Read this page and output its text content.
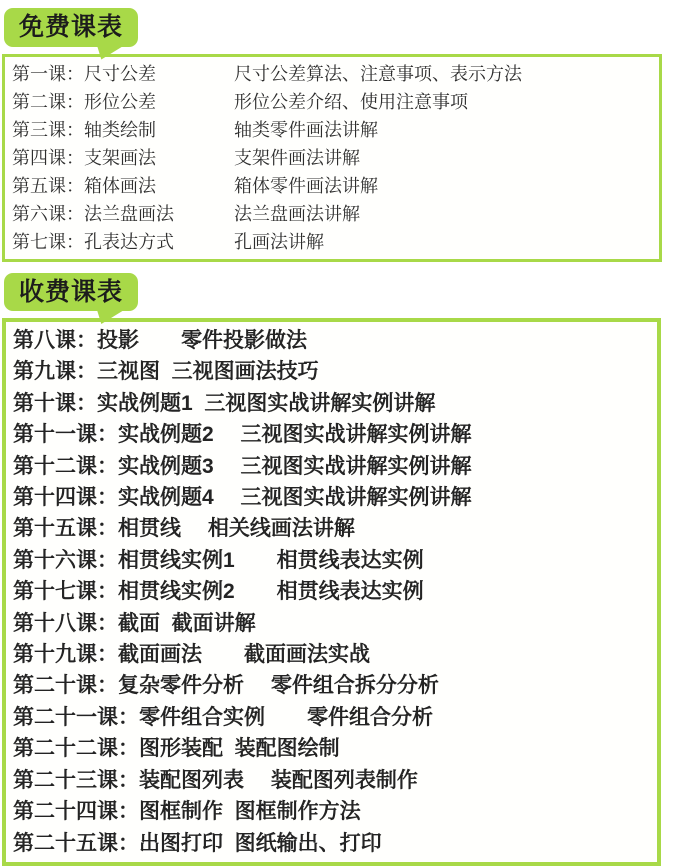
免费课表
第一课：尺寸公差	尺寸公差算法、注意事项、表示方法
第二课：形位公差	形位公差介绍、使用注意事项
第三课：轴类绘制	轴类零件画法讲解
第四课：支架画法	支架件画法讲解
第五课：箱体画法	箱体零件画法讲解
第六课：法兰盘画法	法兰盘画法讲解
第七课：孔表达方式	孔画法讲解
收费课表
第八课：投影　　零件投影做法
第九课：三视图  三视图画法技巧
第十课：实战例题1  三视图实战讲解实例讲解
第十一课：实战例题2　 三视图实战讲解实例讲解
第十二课：实战例题3　 三视图实战讲解实例讲解
第十四课：实战例题4　 三视图实战讲解实例讲解
第十五课：相贯线　 相关线画法讲解
第十六课：相贯线实例1　　相贯线表达实例
第十七课：相贯线实例2　　相贯线表达实例
第十八课：截面  截面讲解
第十九课：截面画法　　截面画法实战
第二十课：复杂零件分析　 零件组合拆分分析
第二十一课：零件组合实例　　零件组合分析
第二十二课：图形装配  装配图绘制
第二十三课：装配图列表　 装配图列表制作
第二十四课：图框制作  图框制作方法
第二十五课：出图打印  图纸输出、打印
